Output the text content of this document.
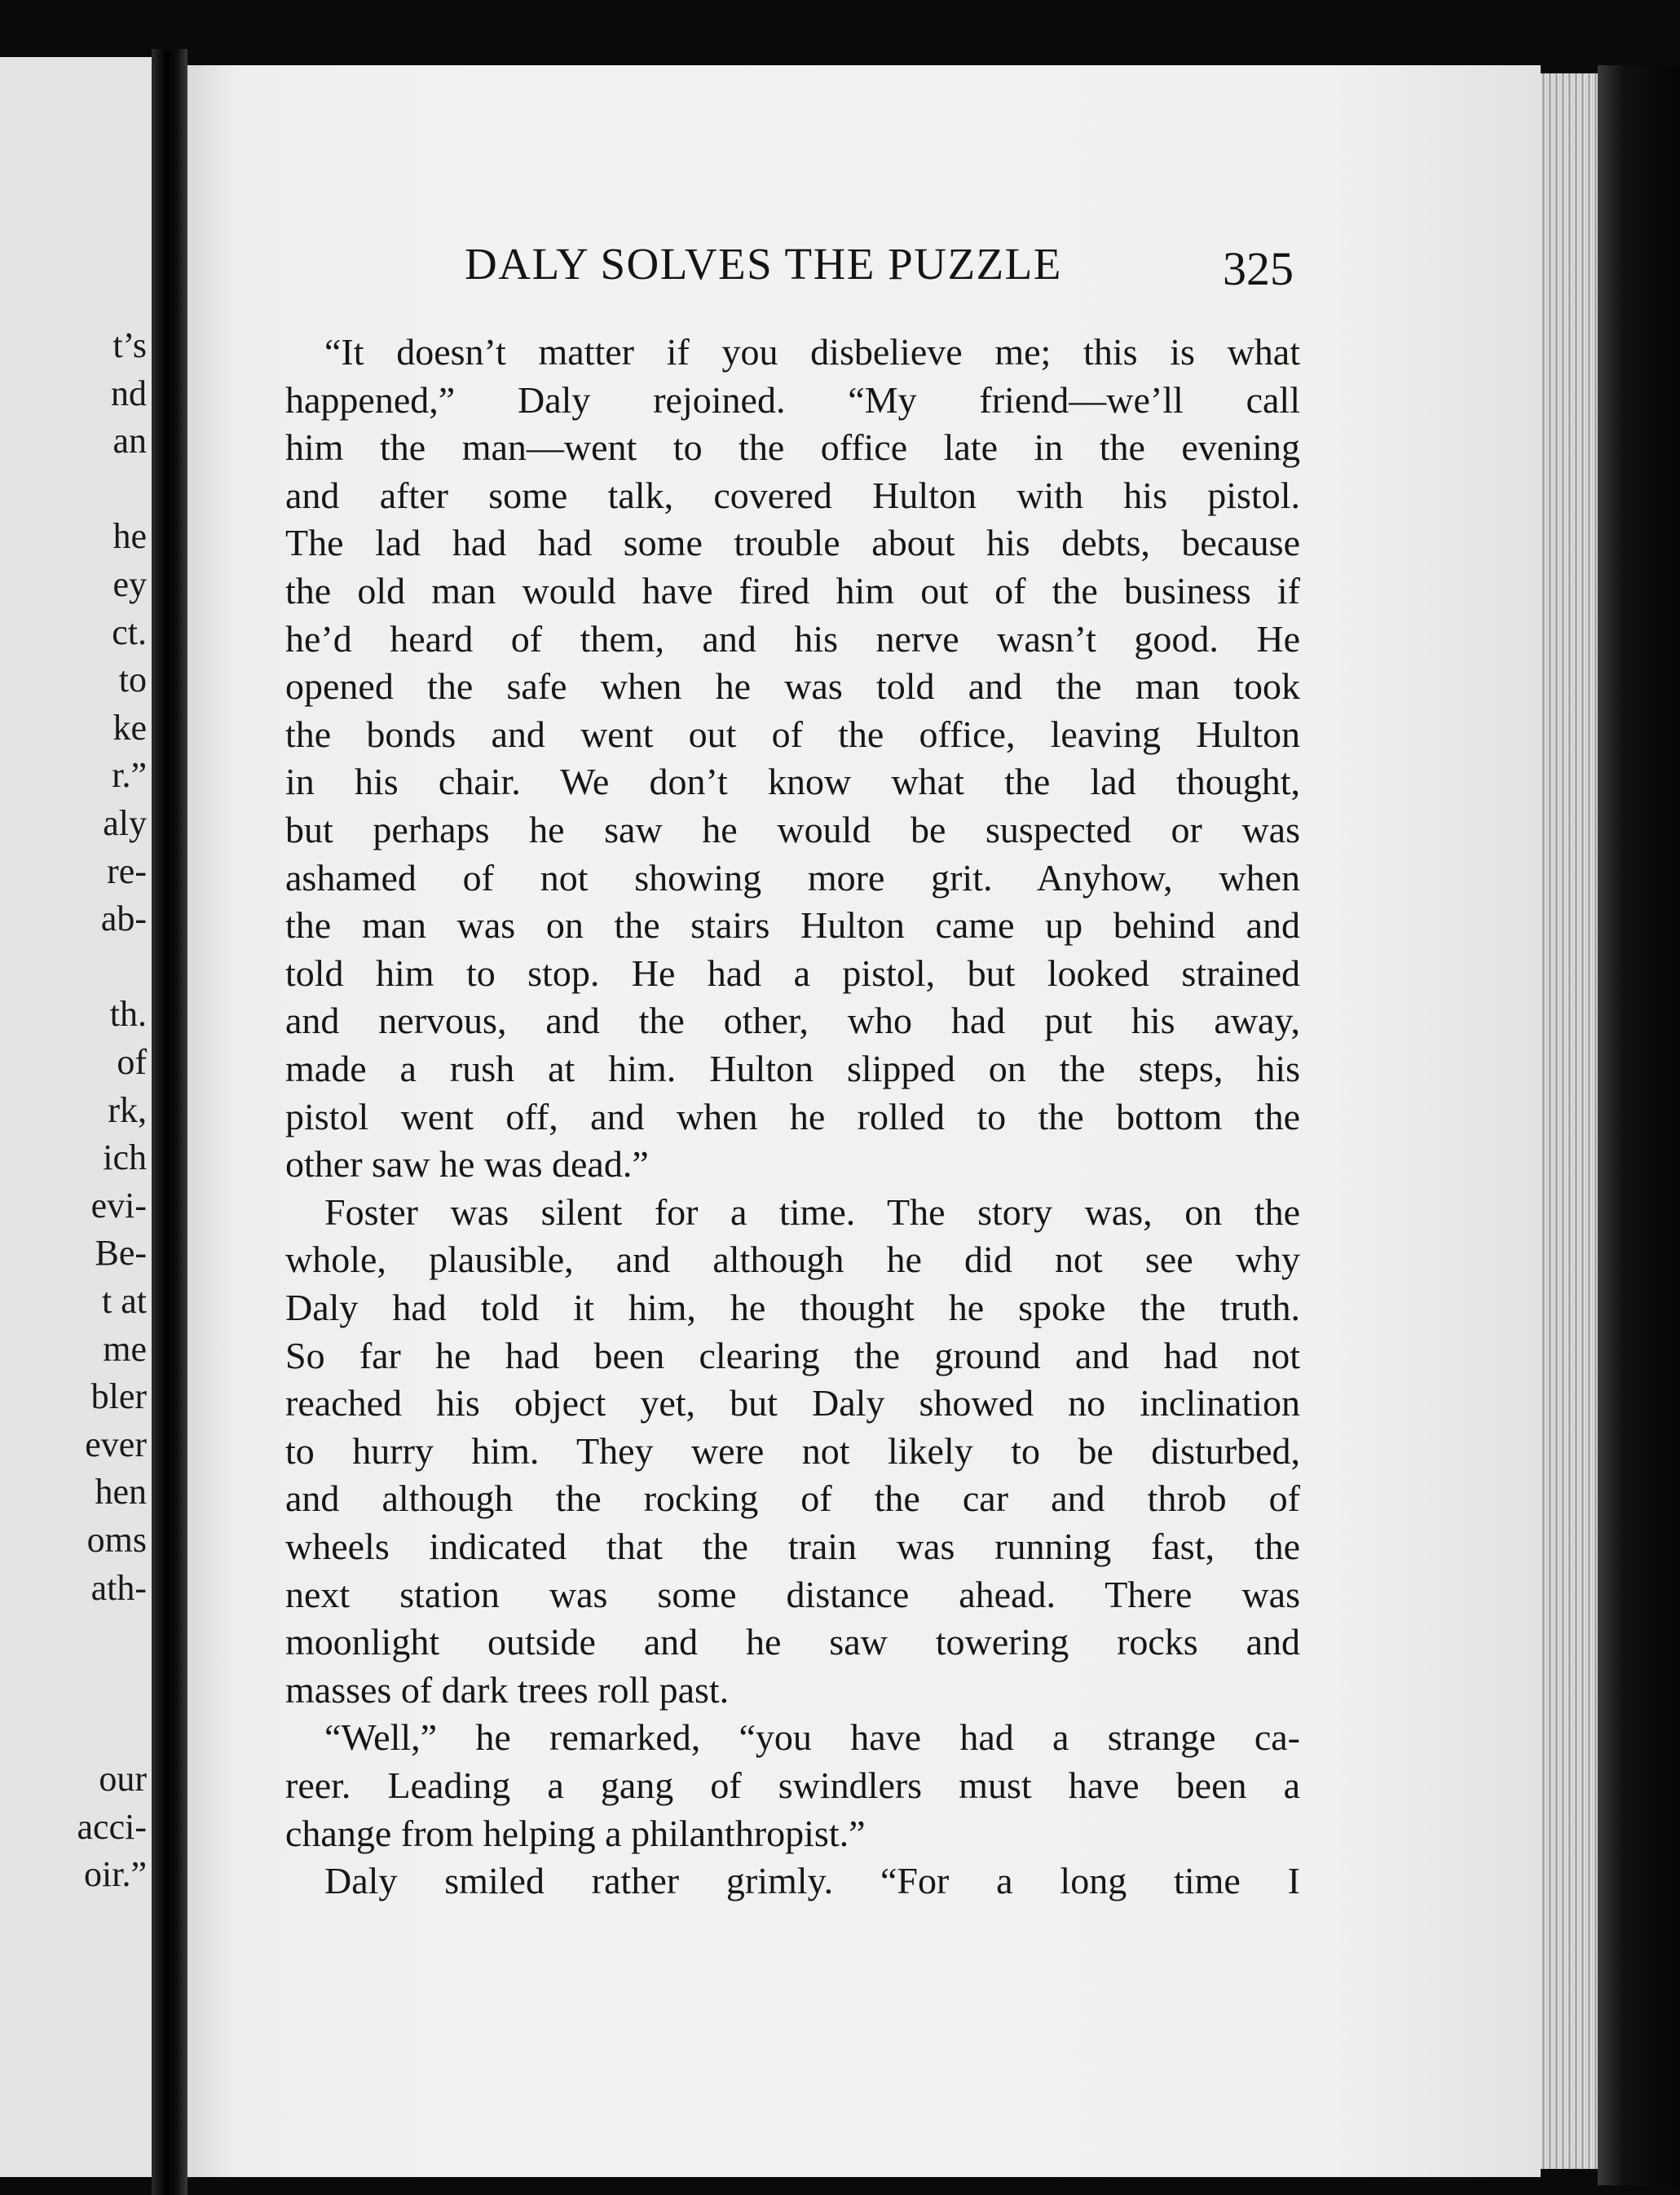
t’s
nd
an
he
ey
ct.
to
ke
r.”
aly
re-
ab-
th.
of
rk,
ich
evi-
Be-
t at
me
bler
ever
hen
oms
ath-
our
acci-
oir.”
DALY SOLVES THE PUZZLE	325
“It doesn’t matter if you disbelieve me; this is what
happened,” Daly rejoined. “My friend—we’ll call
him the man—went to the office late in the evening
and after some talk, covered Hulton with his pistol.
The lad had had some trouble about his debts, because
the old man would have fired him out of the business if
he’d heard of them, and his nerve wasn’t good. He
opened the safe when he was told and the man took
the bonds and went out of the office, leaving Hulton
in his chair. We don’t know what the lad thought,
but perhaps he saw he would be suspected or was
ashamed of not showing more grit. Anyhow, when
the man was on the stairs Hulton came up behind and
told him to stop. He had a pistol, but looked strained
and nervous, and the other, who had put his away,
made a rush at him. Hulton slipped on the steps, his
pistol went off, and when he rolled to the bottom the
other saw he was dead.”
Foster was silent for a time. The story was, on the
whole, plausible, and although he did not see why
Daly had told it him, he thought he spoke the truth.
So far he had been clearing the ground and had not
reached his object yet, but Daly showed no inclination
to hurry him. They were not likely to be disturbed,
and although the rocking of the car and throb of
wheels indicated that the train was running fast, the
next station was some distance ahead. There was
moonlight outside and he saw towering rocks and
masses of dark trees roll past.
“Well,” he remarked, “you have had a strange ca-
reer. Leading a gang of swindlers must have been a
change from helping a philanthropist.”
Daly smiled rather grimly. “For a long time I
